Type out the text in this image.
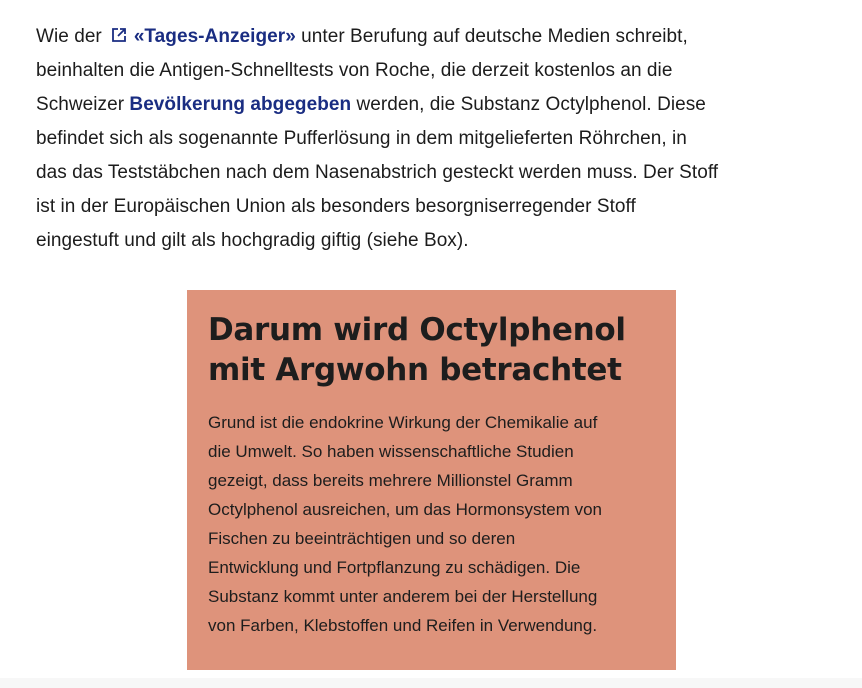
Wie der «Tages-Anzeiger» unter Berufung auf deutsche Medien schreibt,
beinhalten die Antigen-Schnelltests von Roche, die derzeit kostenlos an die
Schweizer Bevölkerung abgegeben werden, die Substanz Octylphenol. Diese
befindet sich als sogenannte Pufferlösung in dem mitgelieferten Röhrchen, in
das das Teststäbchen nach dem Nasenabstrich gesteckt werden muss. Der Stoff
ist in der Europäischen Union als besonders besorgniserregender Stoff
eingestuft und gilt als hochgradig giftig (siehe Box).

Darum wird Octylphenol
mit Argwohn betrachtet

Grund ist die endokrine Wirkung der Chemikalie auf
die Umwelt. So haben wissenschaftliche Studien
gezeigt, dass bereits mehrere Millionstel Gramm
Octylphenol ausreichen, um das Hormonsystem von
Fischen zu beeinträchtigen und so deren
Entwicklung und Fortpflanzung zu schädigen. Die
Substanz kommt unter anderem bei der Herstellung
von Farben, Klebstoffen und Reifen in Verwendung.
